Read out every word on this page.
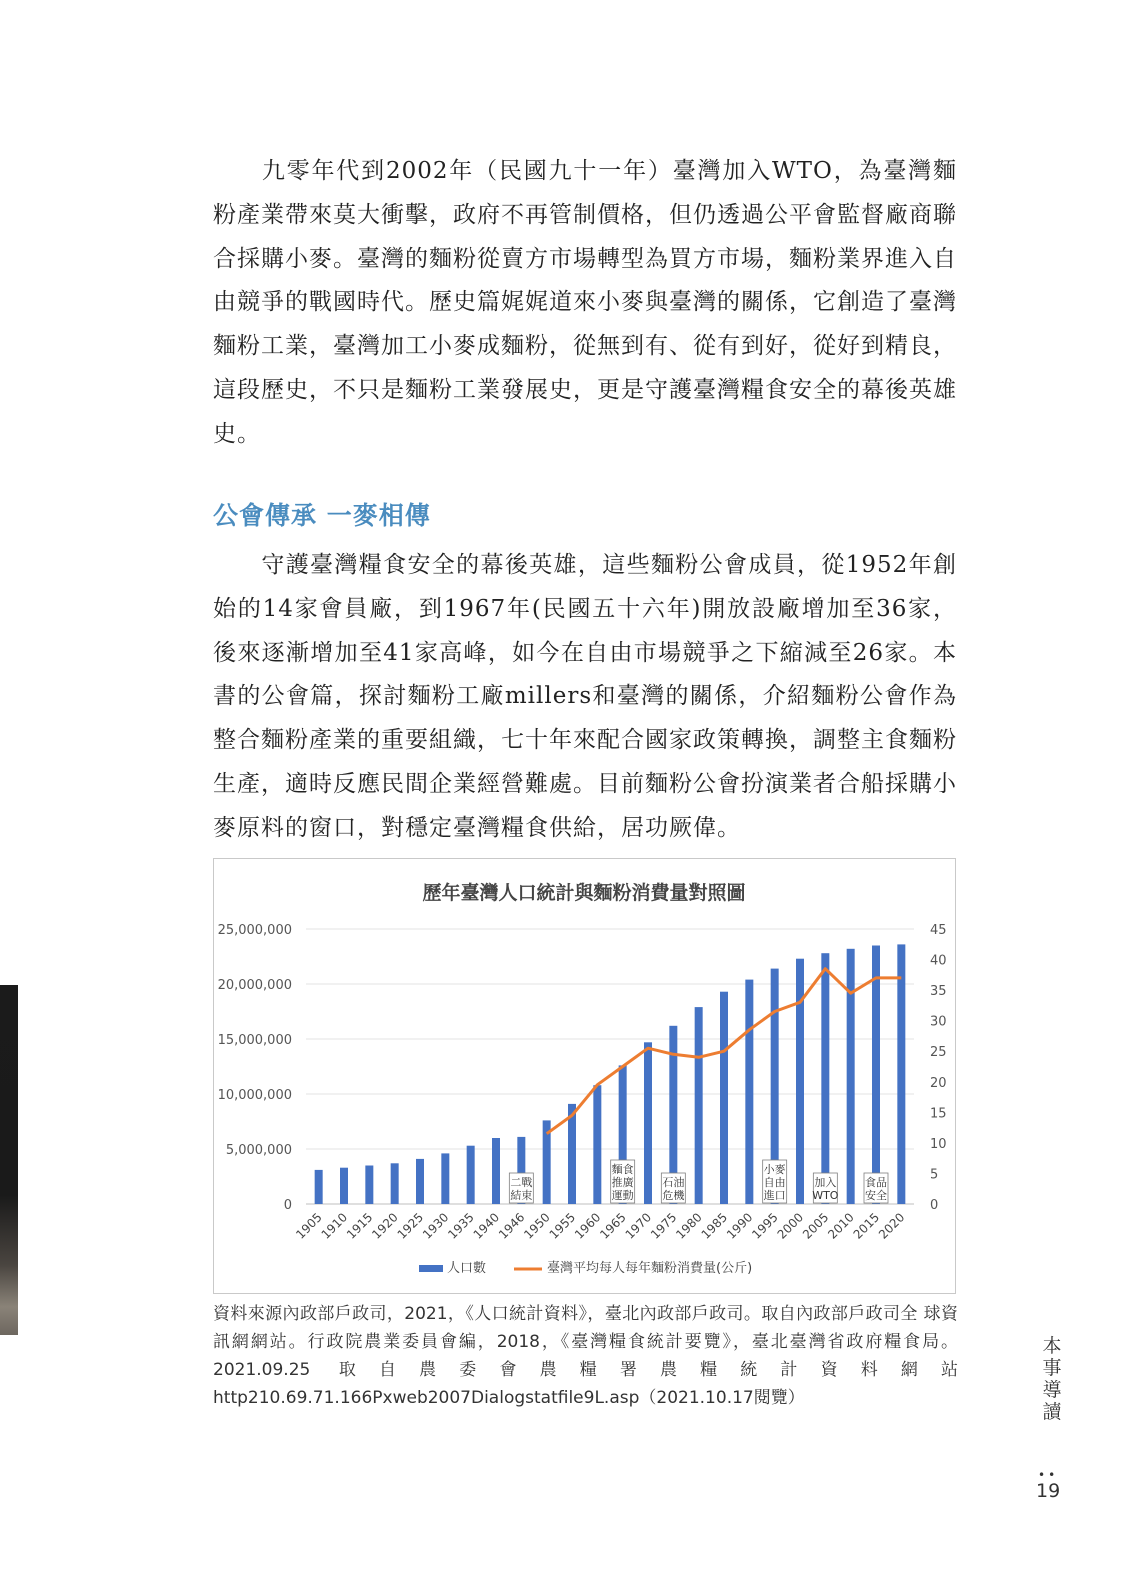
九零年代到2002年（民國九十一年）臺灣加入WTO，為臺灣麵粉產業帶來莫大衝擊，政府不再管制價格，但仍透過公平會監督廠商聯合採購小麥。臺灣的麵粉從賣方市場轉型為買方市場，麵粉業界進入自由競爭的戰國時代。歷史篇娓娓道來小麥與臺灣的關係，它創造了臺灣麵粉工業，臺灣加工小麥成麵粉，從無到有、從有到好，從好到精良，這段歷史，不只是麵粉工業發展史，更是守護臺灣糧食安全的幕後英雄史。

公會傳承 一麥相傳

守護臺灣糧食安全的幕後英雄，這些麵粉公會成員，從1952年創始的14家會員廠，到1967年(民國五十六年)開放設廠增加至36家，後來逐漸增加至41家高峰，如今在自由市場競爭之下縮減至26家。本書的公會篇，探討麵粉工廠millers和臺灣的關係，介紹麵粉公會作為整合麵粉產業的重要組織，七十年來配合國家政策轉換，調整主食麵粉生產，適時反應民間企業經營難處。目前麵粉公會扮演業者合船採購小麥原料的窗口，對穩定臺灣糧食供給，居功厥偉。

歷年臺灣人口統計與麵粉消費量對照圖
0
5,000,000
10,000,000
15,000,000
20,000,000
25,000,000
0
5
10
15
20
25
30
35
40
45
二戰
結束
麵食
推廣
運動
石油
危機
小麥
自由
進口
加入
WTO
食品
安全
1905
1910
1915
1920
1925
1930
1935
1940
1946
1950
1955
1960
1965
1970
1975
1980
1985
1990
1995
2000
2005
2010
2015
2020
人口數	臺灣平均每人每年麵粉消費量(公斤)

資料來源內政部戶政司，2021，《人口統計資料》，臺北內政部戶政司。取自內政部戶政司全 球資訊網網站。行政院農業委員會編，2018，《臺灣糧食統計要覽》，臺北臺灣省政府糧食局。2021.09.25 取自農委會農糧署農糧統計資料網站http210.69.71.166Pxweb2007Dialogstatfile9L.asp（2021.10.17閱覽）

本事導讀
••
19
